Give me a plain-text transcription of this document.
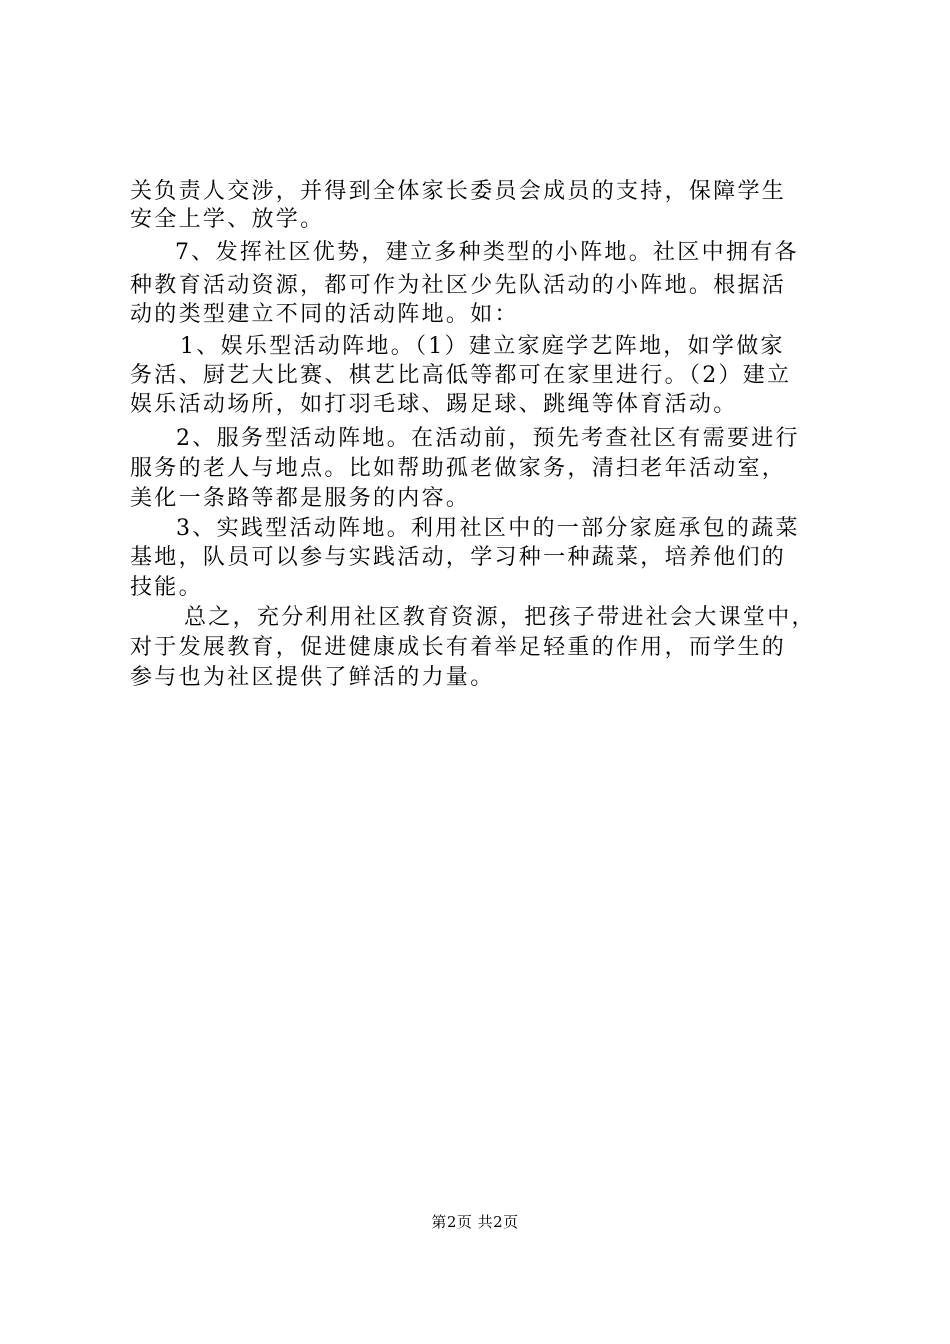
关负责人交涉，并得到全体家长委员会成员的支持，保障学生
安全上学、放学。
7、发挥社区优势，建立多种类型的小阵地。社区中拥有各
种教育活动资源，都可作为社区少先队活动的小阵地。根据活
动的类型建立不同的活动阵地。如：
1、娱乐型活动阵地。（1）建立家庭学艺阵地，如学做家
务活、厨艺大比赛、棋艺比高低等都可在家里进行。（2）建立
娱乐活动场所，如打羽毛球、踢足球、跳绳等体育活动。
2、服务型活动阵地。在活动前，预先考查社区有需要进行
服务的老人与地点。比如帮助孤老做家务，清扫老年活动室，
美化一条路等都是服务的内容。
3、实践型活动阵地。利用社区中的一部分家庭承包的蔬菜
基地，队员可以参与实践活动，学习种一种蔬菜，培养他们的
技能。
总之，充分利用社区教育资源，把孩子带进社会大课堂中，
对于发展教育，促进健康成长有着举足轻重的作用，而学生的
参与也为社区提供了鲜活的力量。
第2页 共2页
